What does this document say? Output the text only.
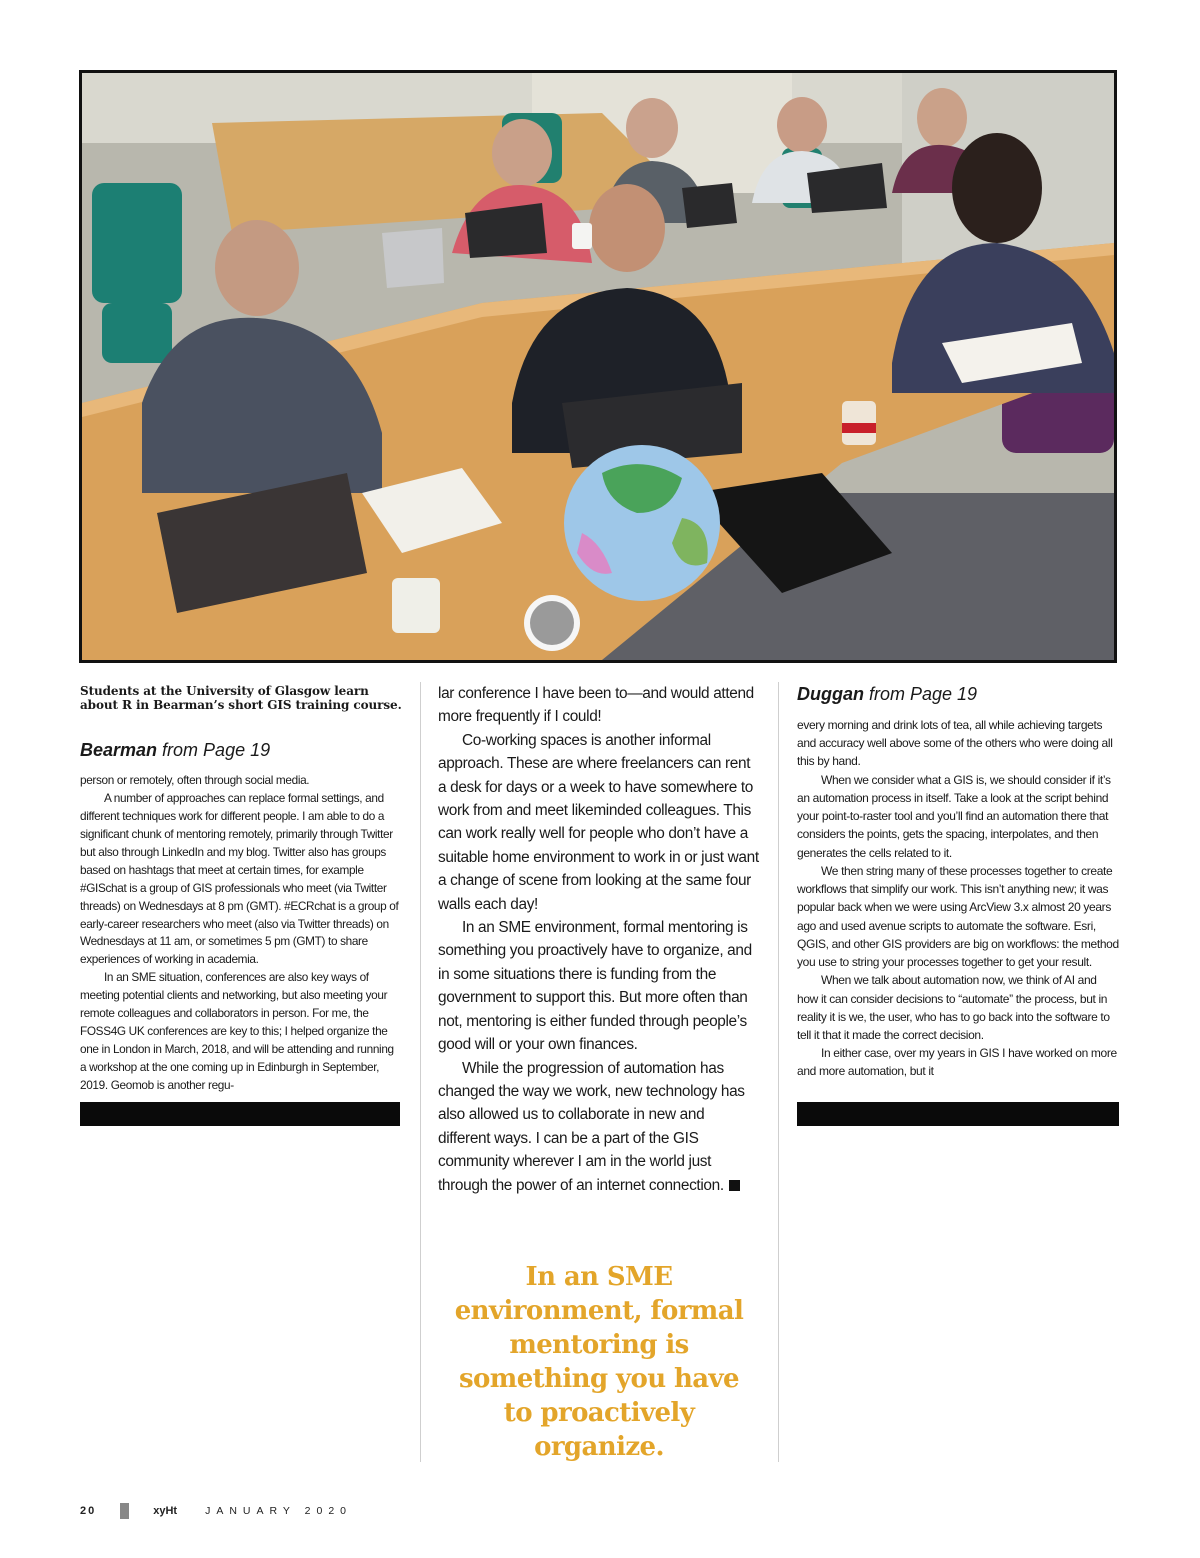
Students at the University of Glasgow learn about R in Bearman’s short GIS training course.

Bearman from Page 19

person or remotely, often through social media.

A number of approaches can replace formal settings, and different techniques work for different people. I am able to do a significant chunk of mentoring remotely, primarily through Twitter but also through LinkedIn and my blog. Twitter also has groups based on hashtags that meet at certain times, for example #GISchat is a group of GIS professionals who meet (via Twitter threads) on Wednesdays at 8 pm (GMT). #ECRchat is a group of early-career researchers who meet (also via Twitter threads) on Wednesdays at 11 am, or sometimes 5 pm (GMT) to share experiences of working in academia.

In an SME situation, conferences are also key ways of meeting potential clients and networking, but also meeting your remote colleagues and collaborators in person. For me, the FOSS4G UK conferences are key to this; I helped organize the one in London in March, 2018, and will be attending and running a workshop at the one coming up in Edinburgh in September, 2019. Geomob is another regu-

lar conference I have been to—and would attend more frequently if I could!

Co-working spaces is another informal approach. These are where freelancers can rent a desk for days or a week to have somewhere to work from and meet likeminded colleagues. This can work really well for people who don’t have a suitable home environment to work in or just want a change of scene from looking at the same four walls each day!

In an SME environment, formal mentoring is something you proactively have to organize, and in some situations there is funding from the government to support this. But more often than not, mentoring is either funded through people’s good will or your own finances.

While the progression of automation has changed the way we work, new technology has also allowed us to collaborate in new and different ways. I can be a part of the GIS community wherever I am in the world just through the power of an internet connection.

In an SME environment, formal mentoring is something you have to proactively organize.
Duggan from Page 19

every morning and drink lots of tea, all while achieving targets and accuracy well above some of the others who were doing all this by hand.

When we consider what a GIS is, we should consider if it’s an automation process in itself. Take a look at the script behind your point-to-raster tool and you’ll find an automation there that considers the points, gets the spacing, interpolates, and then generates the cells related to it.

We then string many of these processes together to create workflows that simplify our work. This isn’t anything new; it was popular back when we were using ArcView 3.x almost 20 years ago and used avenue scripts to automate the software. Esri, QGIS, and other GIS providers are big on workflows: the method you use to string your processes together to get your result.

When we talk about automation now, we think of AI and how it can consider decisions to “automate” the process, but in reality it is we, the user, who has to go back into the software to tell it that it made the correct decision.

In either case, over my years in GIS I have worked on more and more automation, but it

20	xyHt	JANUARY 2020
